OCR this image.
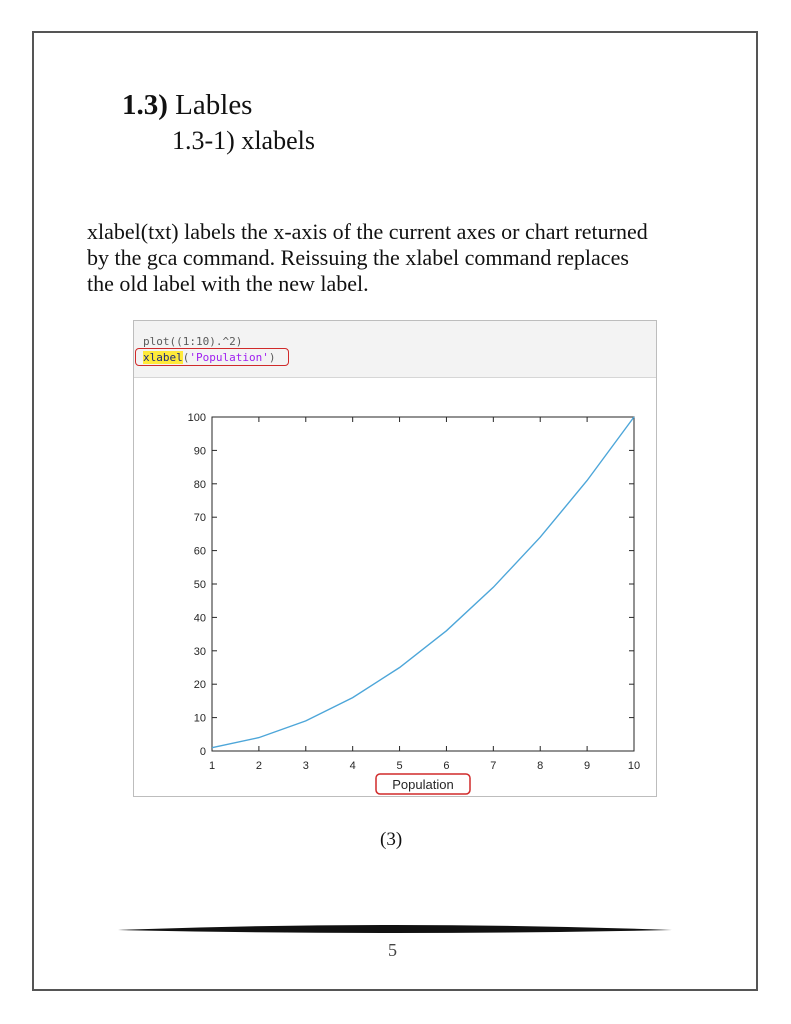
1.3) Lables
1.3-1) xlabels
xlabel(txt) labels the x-axis of the current axes or chart returned
by the gca command. Reissuing the xlabel command replaces
the old label with the new label.
plot((1:10).^2)
xlabel('Population')
1	2	3	4	5	6	7	8	9	10
0
10
20
30
40
50
60
70
80
90
100
Population
(3)
5
